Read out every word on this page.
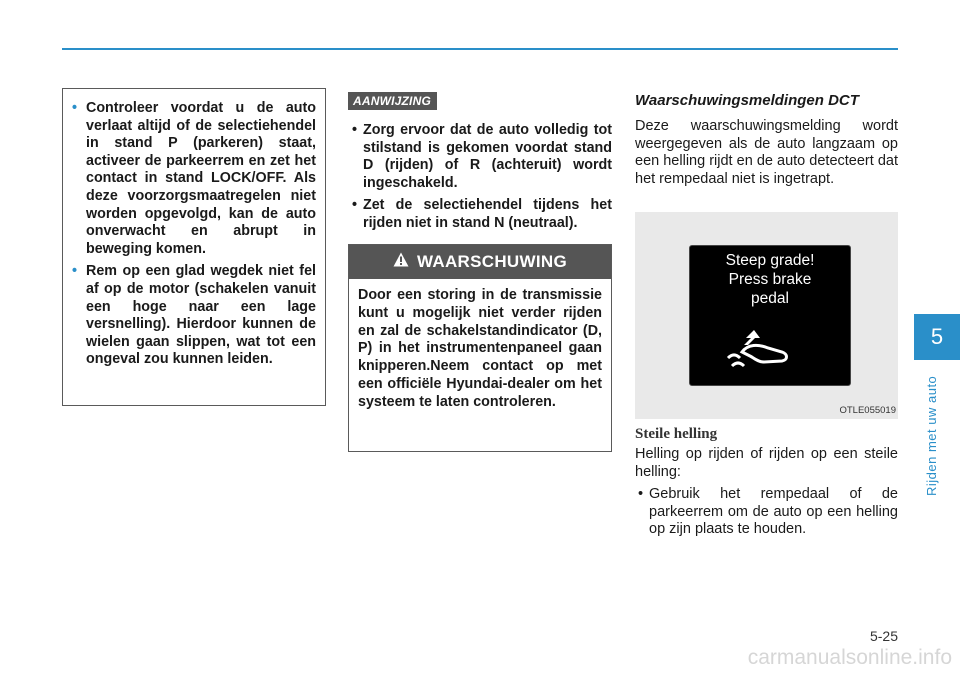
5
Rijden met uw auto
• Controleer voordat u de auto verlaat altijd of de selectiehendel in stand P (parkeren) staat, activeer de parkeerrem en zet het contact in stand LOCK/OFF. Als deze voorzorgsmaatregelen niet worden opgevolgd, kan de auto onverwacht en abrupt in beweging komen.
• Rem op een glad wegdek niet fel af op de motor (schakelen vanuit een hoge naar een lage versnelling). Hierdoor kunnen de wielen gaan slippen, wat tot een ongeval zou kunnen leiden.
AANWIJZING
• Zorg ervoor dat de auto volledig tot stilstand is gekomen voordat stand D (rijden) of R (achteruit) wordt ingeschakeld.
• Zet de selectiehendel tijdens het rijden niet in stand N (neutraal).
WAARSCHUWING
Door een storing in de transmissie kunt u mogelijk niet verder rijden en zal de schakelstandindicator (D, P) in het instrumentenpaneel gaan knipperen.Neem contact op met een officiële Hyundai-dealer om het systeem te laten controleren.
Waarschuwingsmeldingen DCT

Deze waarschuwingsmelding wordt weergegeven als de auto langzaam op een helling rijdt en de auto detecteert dat het rempedaal niet is ingetrapt.

Steep grade!
Press brake
pedal
OTLE055019
Steile helling

Helling op rijden of rijden op een steile helling:

• Gebruik het rempedaal of de parkeerrem om de auto op een helling op zijn plaats te houden.
5-25
carmanualsonline.info
